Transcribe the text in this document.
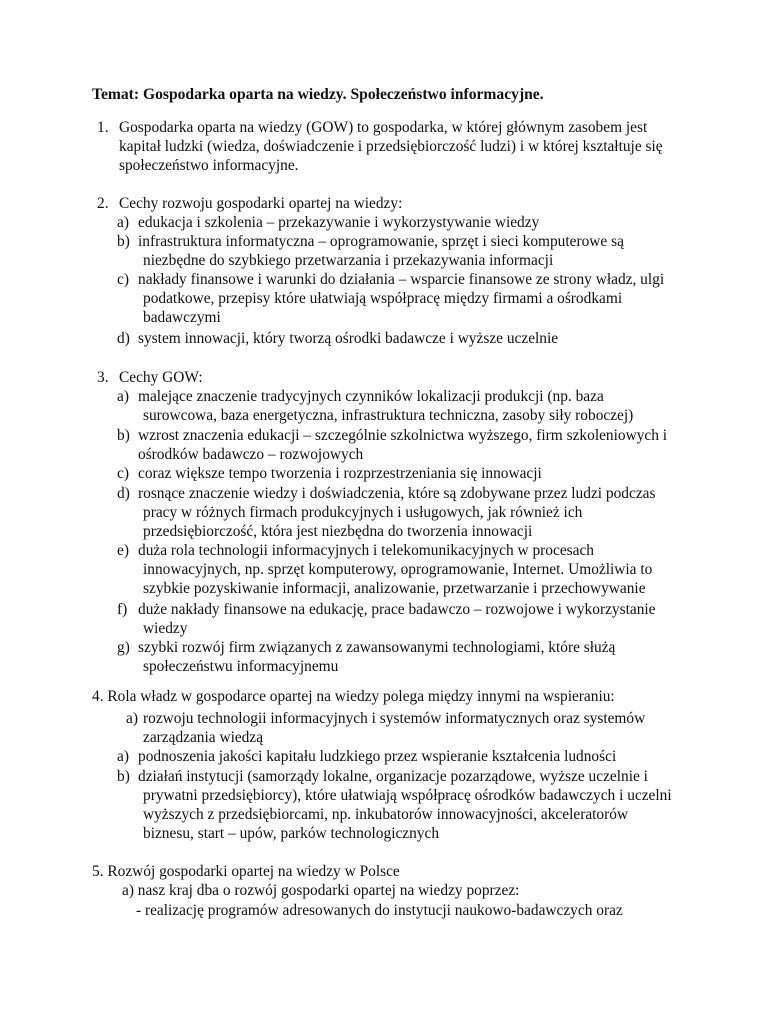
Temat: Gospodarka oparta na wiedzy. Społeczeństwo informacyjne.
1. Gospodarka oparta na wiedzy (GOW) to gospodarka, w której głównym zasobem jest
kapitał ludzki (wiedza, doświadczenie i przedsiębiorczość ludzi) i w której kształtuje się
społeczeństwo informacyjne.
2. Cechy rozwoju gospodarki opartej na wiedzy:
a) edukacja i szkolenia – przekazywanie i wykorzystywanie wiedzy
b) infrastruktura informatyczna – oprogramowanie, sprzęt i sieci komputerowe są
niezbędne do szybkiego przetwarzania i przekazywania informacji
c) nakłady finansowe i warunki do działania – wsparcie finansowe ze strony władz, ulgi
podatkowe, przepisy które ułatwiają współpracę między firmami a ośrodkami
badawczymi
d) system innowacji, który tworzą ośrodki badawcze i wyższe uczelnie
3. Cechy GOW:
a) malejące znaczenie tradycyjnych czynników lokalizacji produkcji (np. baza
surowcowa, baza energetyczna, infrastruktura techniczna, zasoby siły roboczej)
b) wzrost znaczenia edukacji – szczególnie szkolnictwa wyższego, firm szkoleniowych i
ośrodków badawczo – rozwojowych
c) coraz większe tempo tworzenia i rozprzestrzeniania się innowacji
d) rosnące znaczenie wiedzy i doświadczenia, które są zdobywane przez ludzi podczas
pracy w różnych firmach produkcyjnych i usługowych, jak również ich
przedsiębiorczość, która jest niezbędna do tworzenia innowacji
e) duża rola technologii informacyjnych i telekomunikacyjnych w procesach
innowacyjnych, np. sprzęt komputerowy, oprogramowanie, Internet. Umożliwia to
szybkie pozyskiwanie informacji, analizowanie, przetwarzanie i przechowywanie
f) duże nakłady finansowe na edukację, prace badawczo – rozwojowe i wykorzystanie
wiedzy
g) szybki rozwój firm związanych z zawansowanymi technologiami, które służą
społeczeństwu informacyjnemu
4. Rola władz w gospodarce opartej na wiedzy polega między innymi na wspieraniu:
a) rozwoju technologii informacyjnych i systemów informatycznych oraz systemów
zarządzania wiedzą
a) podnoszenia jakości kapitału ludzkiego przez wspieranie kształcenia ludności
b) działań instytucji (samorządy lokalne, organizacje pozarządowe, wyższe uczelnie i
prywatni przedsiębiorcy), które ułatwiają współpracę ośrodków badawczych i uczelni
wyższych z przedsiębiorcami, np. inkubatorów innowacyjności, akceleratorów
biznesu, start – upów, parków technologicznych
5. Rozwój gospodarki opartej na wiedzy w Polsce
a) nasz kraj dba o rozwój gospodarki opartej na wiedzy poprzez:
- realizację programów adresowanych do instytucji naukowo-badawczych oraz
